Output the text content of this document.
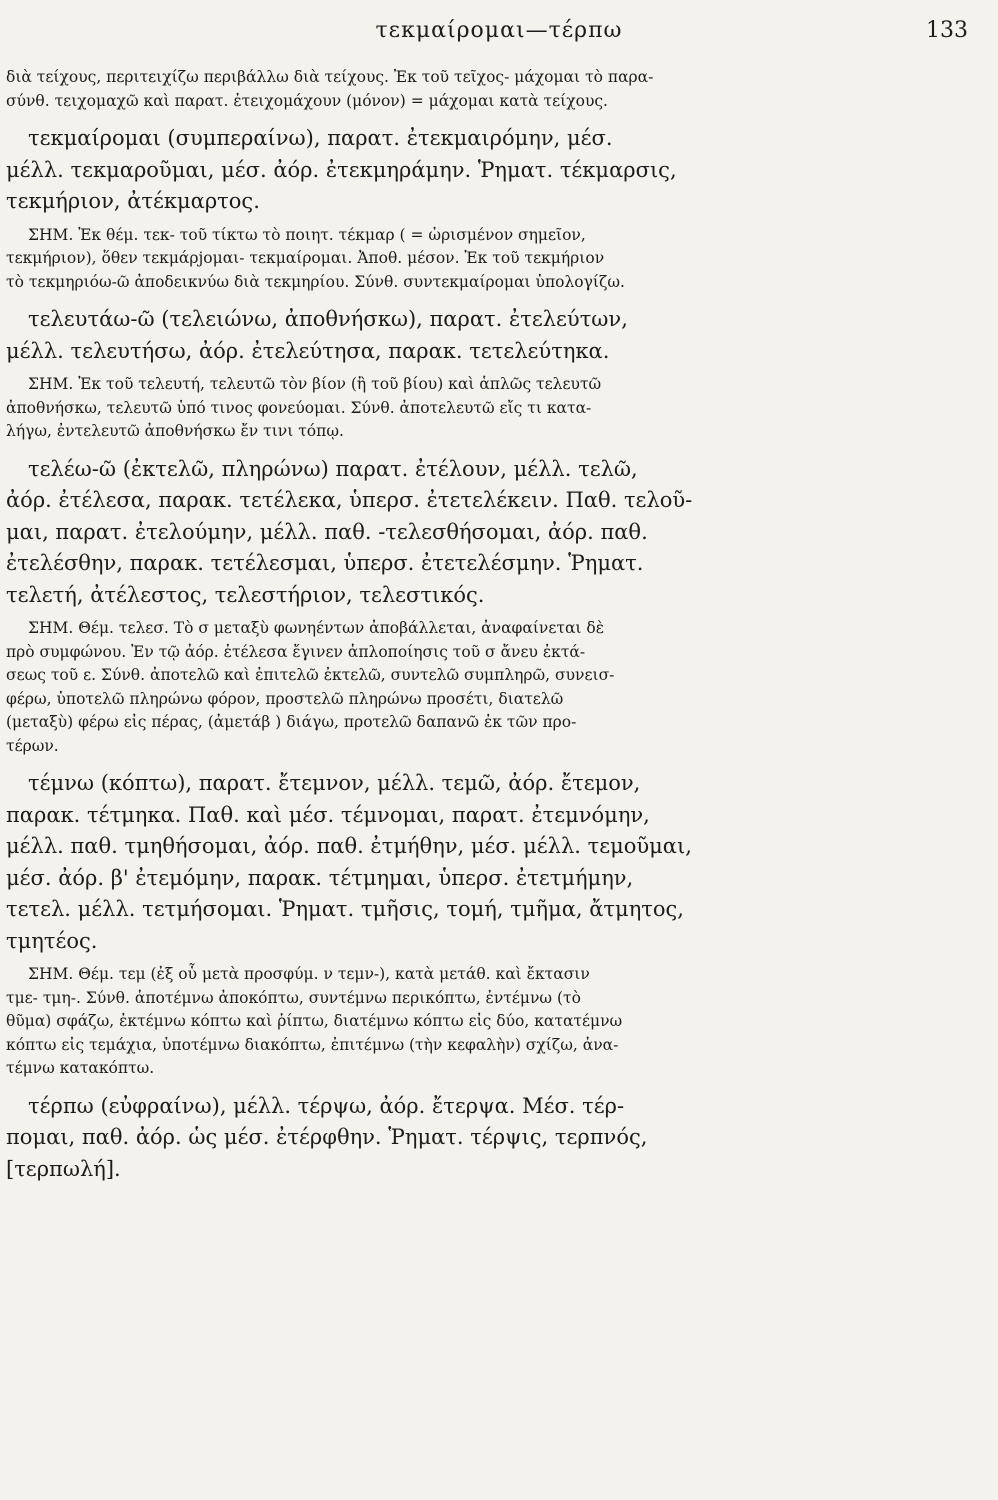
τεκμαίρομαι—τέρπω	133
διὰ τείχους, περιτειχίζω περιβάλλω διὰ τείχους. Ἐκ τοῦ τεῖχος- μάχομαι τὸ παρα-
σύνθ. τειχομαχῶ καὶ παρατ. ἐτειχομάχουν (μόνον) = μάχομαι κατὰ τείχους.
τεκμαίρομαι (συμπεραίνω), παρατ. ἐτεκμαιρόμην, μέσ.
μέλλ. τεκμαροῦμαι, μέσ. ἀόρ. ἐτεκμηράμην. Ῥηματ. τέκμαρσις,
τεκμήριον, ἀτέκμαρτος.
ΣΗΜ. Ἐκ θέμ. τεκ- τοῦ τίκτω τὸ ποιητ. τέκμαρ ( = ὡρισμένον σημεῖον,
τεκμήριον), ὅθεν τεκμάρjομαι- τεκμαίρομαι. Ἀποθ. μέσον. Ἐκ τοῦ τεκμήριον
τὸ τεκμηριόω-ῶ ἀποδεικνύω διὰ τεκμηρίου. Σύνθ. συντεκμαίρομαι ὑπολογίζω.
τελευτάω-ῶ (τελειώνω, ἀποθνήσκω), παρατ. ἐτελεύτων,
μέλλ. τελευτήσω, ἀόρ. ἐτελεύτησα, παρακ. τετελεύτηκα.
ΣΗΜ. Ἐκ τοῦ τελευτή, τελευτῶ τὸν βίον (ἢ τοῦ βίου) καὶ ἁπλῶς τελευτῶ
ἀποθνήσκω, τελευτῶ ὑπό τινος φονεύομαι. Σύνθ. ἀποτελευτῶ εἴς τι κατα-
λήγω, ἐντελευτῶ ἀποθνήσκω ἔν τινι τόπῳ.
τελέω-ῶ (ἐκτελῶ, πληρώνω) παρατ. ἐτέλουν, μέλλ. τελῶ,
ἀόρ. ἐτέλεσα, παρακ. τετέλεκα, ὑπερσ. ἐτετελέκειν. Παθ. τελοῦ-
μαι, παρατ. ἐτελούμην, μέλλ. παθ. -τελεσθήσομαι, ἀόρ. παθ.
ἐτελέσθην, παρακ. τετέλεσμαι, ὑπερσ. ἐτετελέσμην. Ῥηματ.
τελετή, ἀτέλεστος, τελεστήριον, τελεστικός.
ΣΗΜ. Θέμ. τελεσ. Τὸ σ μεταξὺ φωνηέντων ἀποβάλλεται, ἀναφαίνεται δὲ
πρὸ συμφώνου. Ἐν τῷ ἀόρ. ἐτέλεσα ἔγινεν ἁπλοποίησις τοῦ σ ἄνευ ἐκτά-
σεως τοῦ ε. Σύνθ. ἀποτελῶ καὶ ἐπιτελῶ ἐκτελῶ, συντελῶ συμπληρῶ, συνεισ-
φέρω, ὑποτελῶ πληρώνω φόρον, προστελῶ πληρώνω προσέτι, διατελῶ
(μεταξὺ) φέρω εἰς πέρας, (ἀμετάβ ) διάγω, προτελῶ δαπανῶ ἐκ τῶν προ-
τέρων.
τέμνω (κόπτω), παρατ. ἔτεμνον, μέλλ. τεμῶ, ἀόρ. ἔτεμον,
παρακ. τέτμηκα. Παθ. καὶ μέσ. τέμνομαι, παρατ. ἐτεμνόμην,
μέλλ. παθ. τμηθήσομαι, ἀόρ. παθ. ἐτμήθην, μέσ. μέλλ. τεμοῦμαι,
μέσ. ἀόρ. β' ἐτεμόμην, παρακ. τέτμημαι, ὑπερσ. ἐτετμήμην,
τετελ. μέλλ. τετμήσομαι. Ῥηματ. τμῆσις, τομή, τμῆμα, ἄτμητος,
τμητέος.
ΣΗΜ. Θέμ. τεμ (ἐξ οὗ μετὰ προσφύμ. ν τεμν-), κατὰ μετάθ. καὶ ἔκτασιν
τμε- τμη-. Σύνθ. ἀποτέμνω ἀποκόπτω, συντέμνω περικόπτω, ἐντέμνω (τὸ
θῦμα) σφάζω, ἐκτέμνω κόπτω καὶ ῥίπτω, διατέμνω κόπτω εἰς δύο, κατατέμνω
κόπτω εἰς τεμάχια, ὑποτέμνω διακόπτω, ἐπιτέμνω (τὴν κεφαλὴν) σχίζω, ἀνα-
τέμνω κατακόπτω.
τέρπω (εὐφραίνω), μέλλ. τέρψω, ἀόρ. ἔτερψα. Μέσ. τέρ-
πομαι, παθ. ἀόρ. ὡς μέσ. ἐτέρφθην. Ῥηματ. τέρψις, τερπνός,
[τερπωλή].
